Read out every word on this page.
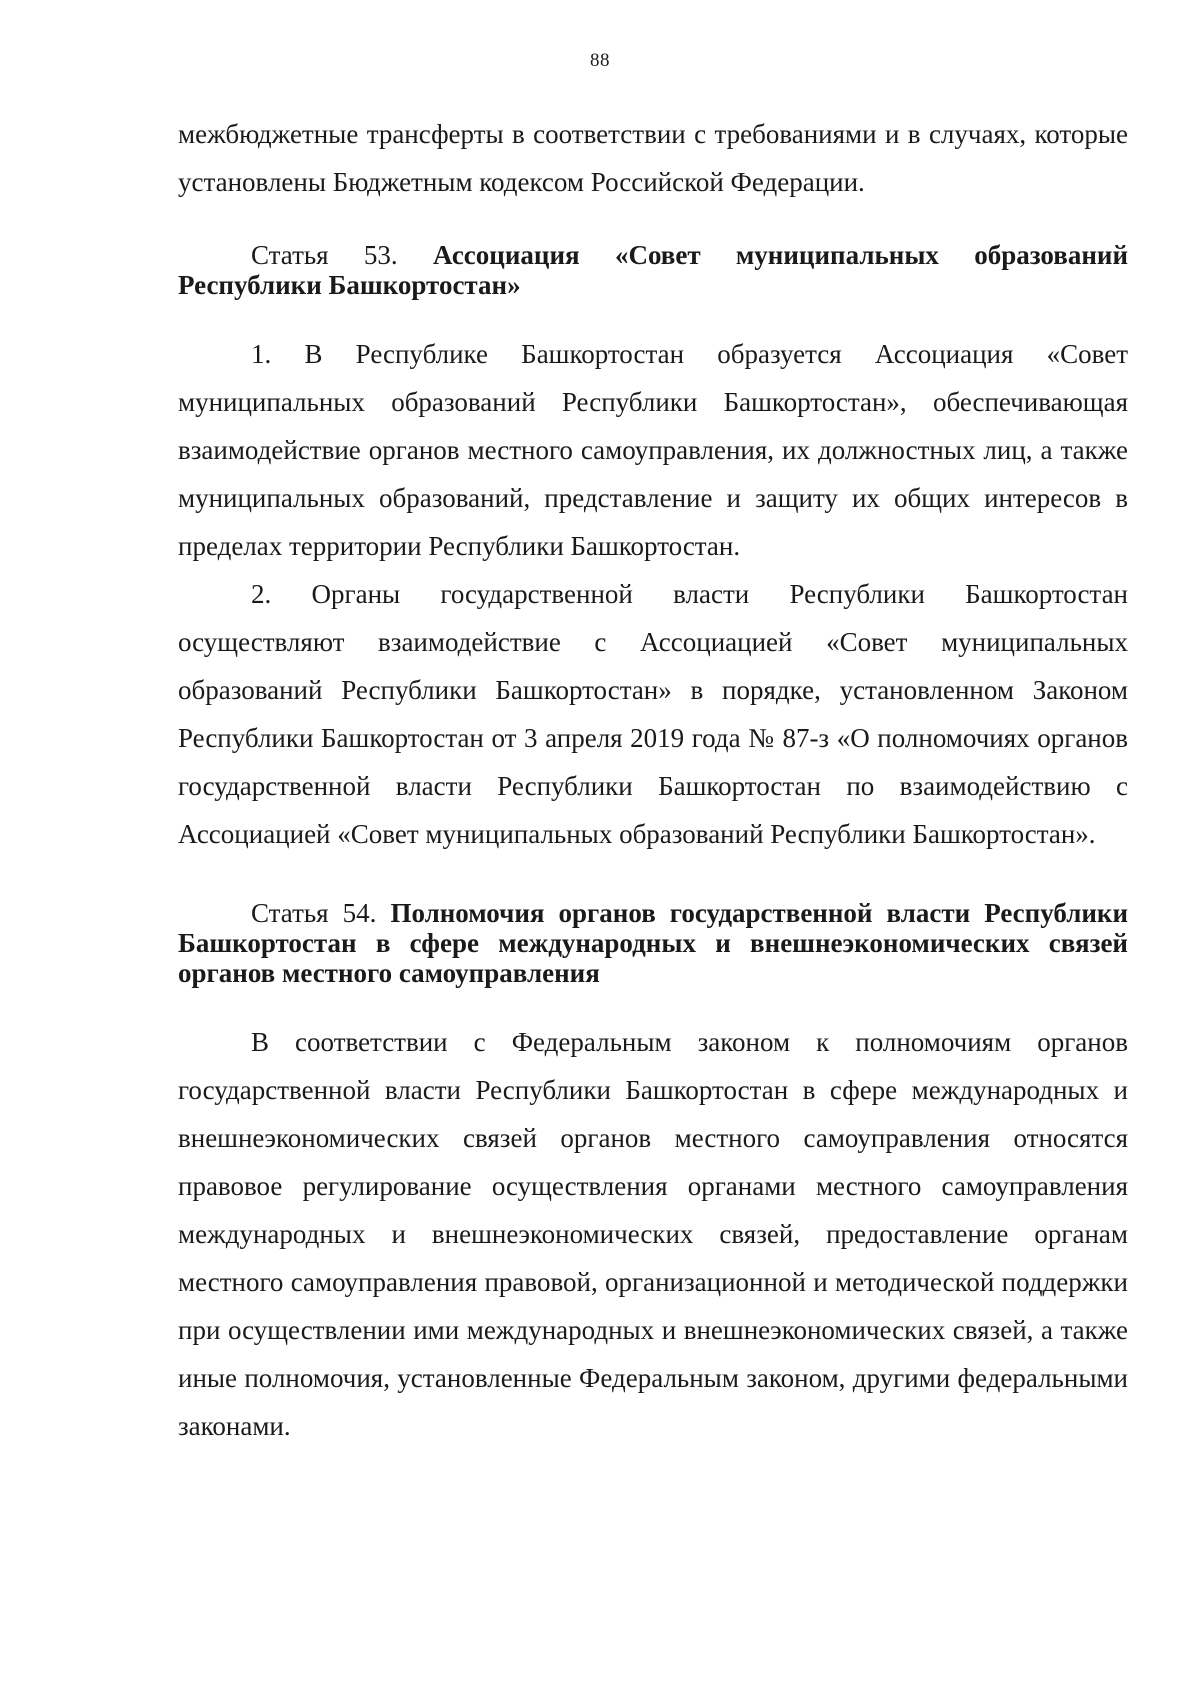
88

межбюджетные трансферты в соответствии с требованиями и в случаях, которые установлены Бюджетным кодексом Российской Федерации.

Статья 53. Ассоциация «Совет муниципальных образований Республики Башкортостан»

1. В Республике Башкортостан образуется Ассоциация «Совет муниципальных образований Республики Башкортостан», обеспечивающая взаимодействие органов местного самоуправления, их должностных лиц, а также муниципальных образований, представление и защиту их общих интересов в пределах территории Республики Башкортостан.

2. Органы государственной власти Республики Башкортостан осуществляют взаимодействие с Ассоциацией «Совет муниципальных образований Республики Башкортостан» в порядке, установленном Законом Республики Башкортостан от 3 апреля 2019 года № 87-з «О полномочиях органов государственной власти Республики Башкортостан по взаимодействию с Ассоциацией «Совет муниципальных образований Республики Башкортостан».

Статья 54. Полномочия органов государственной власти Республики Башкортостан в сфере международных и внешнеэкономических связей органов местного самоуправления

В соответствии с Федеральным законом к полномочиям органов государственной власти Республики Башкортостан в сфере международных и внешнеэкономических связей органов местного самоуправления относятся правовое регулирование осуществления органами местного самоуправления международных и внешнеэкономических связей, предоставление органам местного самоуправления правовой, организационной и методической поддержки при осуществлении ими международных и внешнеэкономических связей, а также иные полномочия, установленные Федеральным законом, другими федеральными законами.
